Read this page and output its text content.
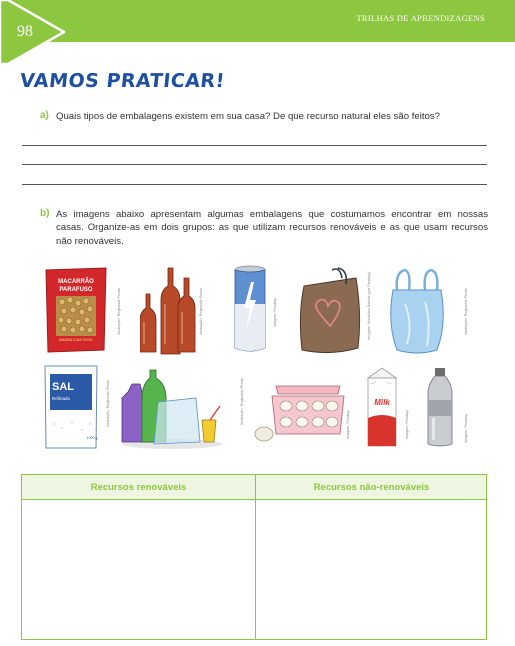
TRILHAS DE APRENDIZAGENS
98
VAMOS PRATICAR!
a) Quais tipos de embalagens existem em sua casa? De que recurso natural eles são feitos?
b) As imagens abaixo apresentam algumas embalagens que costumamos encontrar em nossas
casas. Organize-as em dois grupos: as que utilizam recursos renováveis e as que usam recursos
não renováveis.
MACARRÃO
PARAFUSO
MASSA COM OVOS
Ilustração: Reginaldo Prado	Ilustração: Reginaldo Prado	Imagem: Pixabay	Imagem: Ancaldea Bellota (por Pixabay)	Ilustração: Reginaldo Prado
SAL
Refinado
1000 g
Ilustração: Reginaldo Prado	Ilustração: Reginaldo Prado	Imagem: Pixabay
Milk
Imagem: Pixabay	Imagem: Pixabay
Recursos renováveis	Recursos não-renováveis
